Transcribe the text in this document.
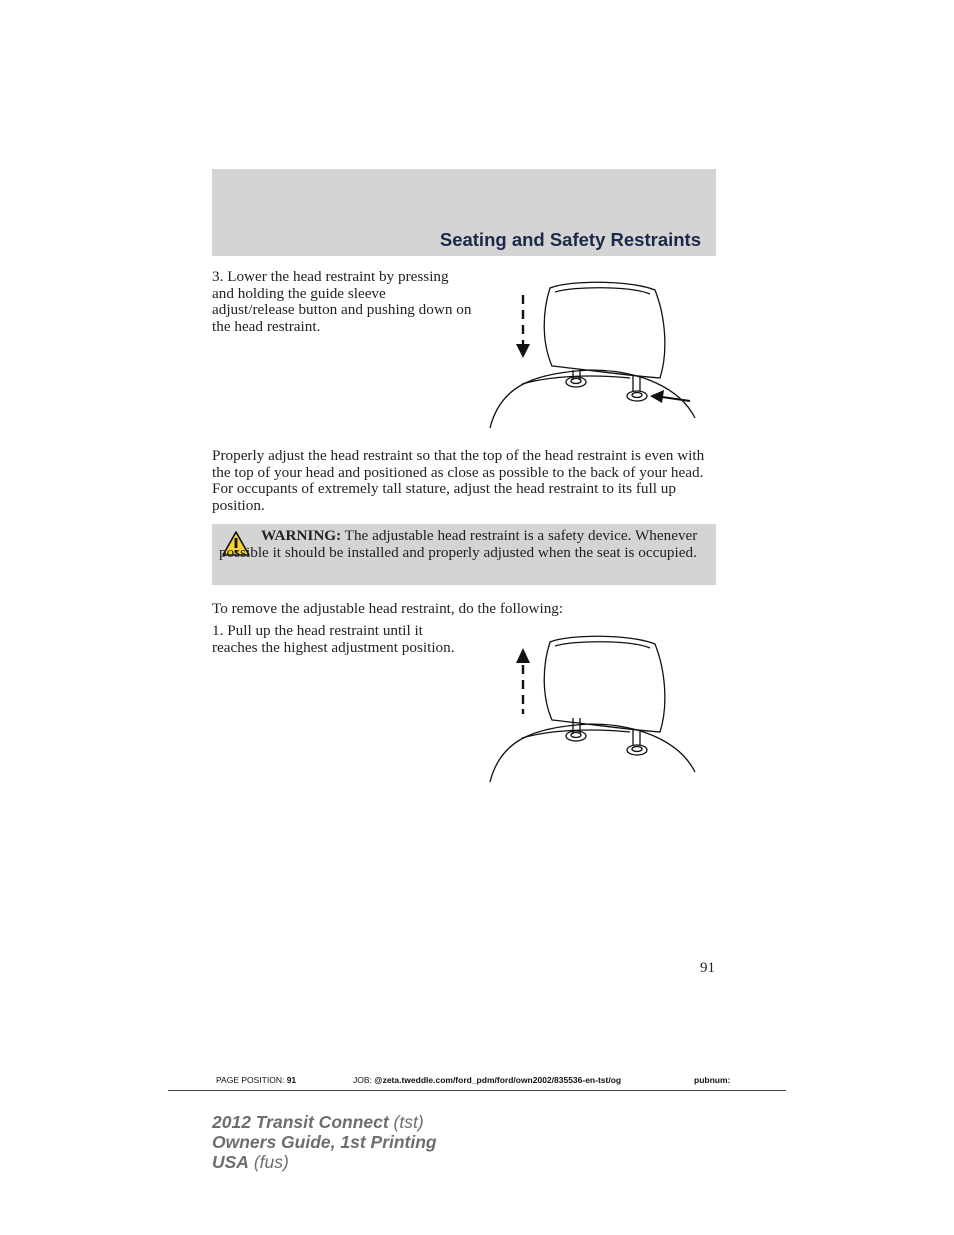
Seating and Safety Restraints

3. Lower the head restraint by pressing and holding the guide sleeve adjust/release button and pushing down on the head restraint.

Properly adjust the head restraint so that the top of the head restraint is even with the top of your head and positioned as close as possible to the back of your head. For occupants of extremely tall stature, adjust the head restraint to its full up position.

WARNING: The adjustable head restraint is a safety device. Whenever possible it should be installed and properly adjusted when the seat is occupied.

To remove the adjustable head restraint, do the following:

1. Pull up the head restraint until it reaches the highest adjustment position.

91
PAGE POSITION: 91	JOB: @zeta.tweddle.com/ford_pdm/ford/own2002/835536-en-tst/og	pubnum:
2012 Transit Connect (tst)
Owners Guide, 1st Printing
USA (fus)
